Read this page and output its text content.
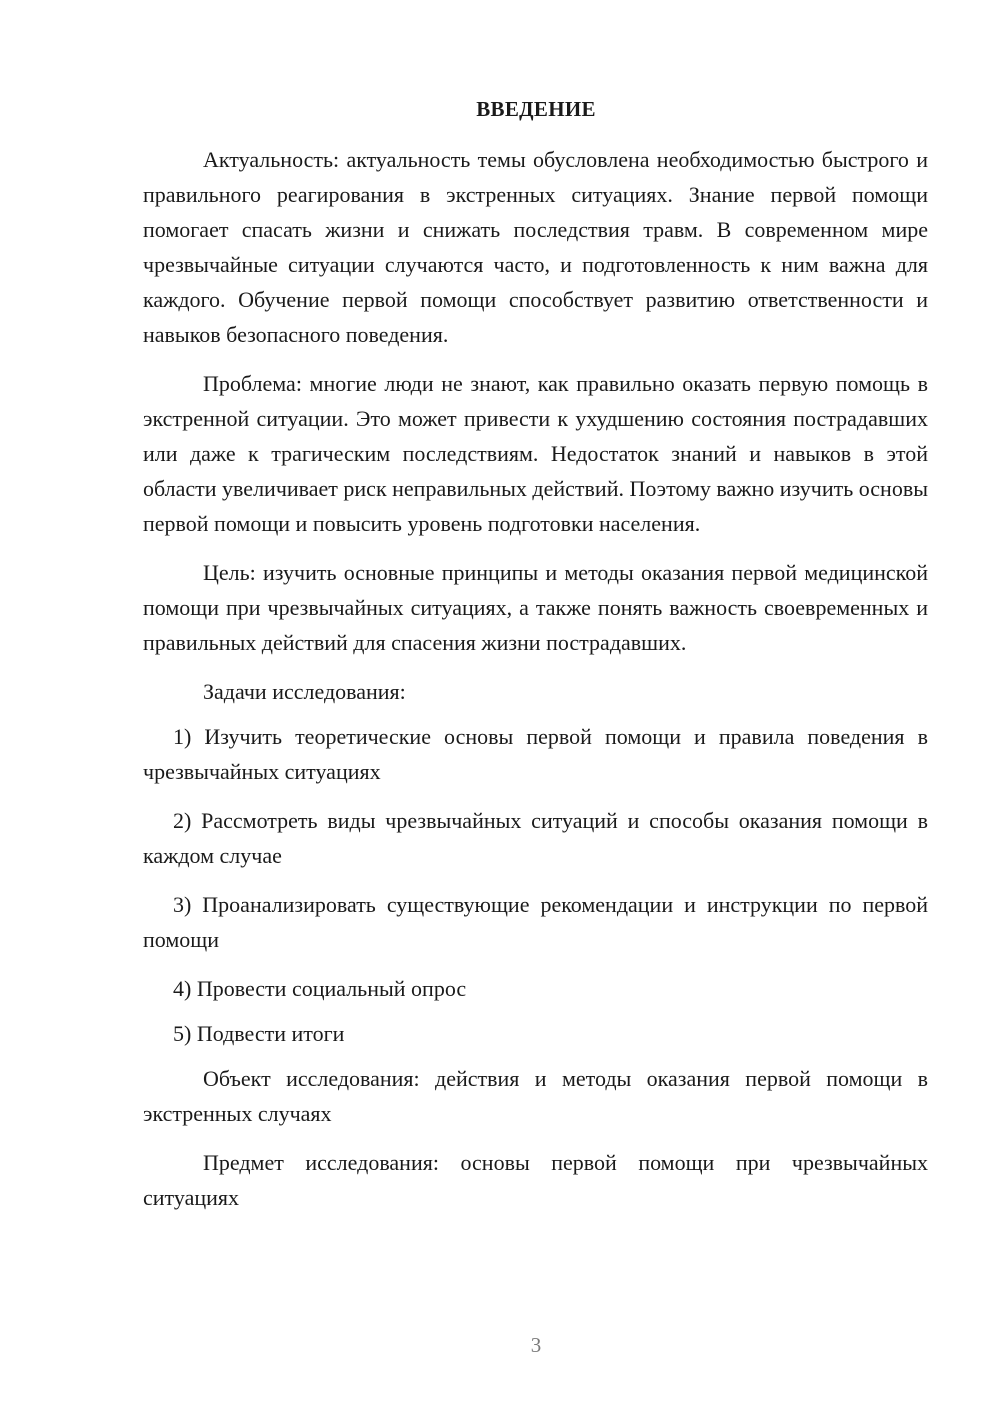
ВВЕДЕНИЕ

Актуальность: актуальность темы обусловлена необходимостью быстрого и правильного реагирования в экстренных ситуациях. Знание первой помощи помогает спасать жизни и снижать последствия травм. В современном мире чрезвычайные ситуации случаются часто, и подготовленность к ним важна для каждого. Обучение первой помощи способствует развитию ответственности и навыков безопасного поведения.

Проблема: многие люди не знают, как правильно оказать первую помощь в экстренной ситуации. Это может привести к ухудшению состояния пострадавших или даже к трагическим последствиям. Недостаток знаний и навыков в этой области увеличивает риск неправильных действий. Поэтому важно изучить основы первой помощи и повысить уровень подготовки населения.

Цель: изучить основные принципы и методы оказания первой медицинской помощи при чрезвычайных ситуациях, а также понять важность своевременных и правильных действий для спасения жизни пострадавших.

Задачи исследования:

1) Изучить теоретические основы первой помощи и правила поведения в чрезвычайных ситуациях

2) Рассмотреть виды чрезвычайных ситуаций и способы оказания помощи в каждом случае

3) Проанализировать существующие рекомендации и инструкции по первой помощи

4) Провести социальный опрос

5) Подвести итоги

Объект исследования: действия и методы оказания первой помощи в экстренных случаях

Предмет исследования: основы первой помощи при чрезвычайных ситуациях

3
